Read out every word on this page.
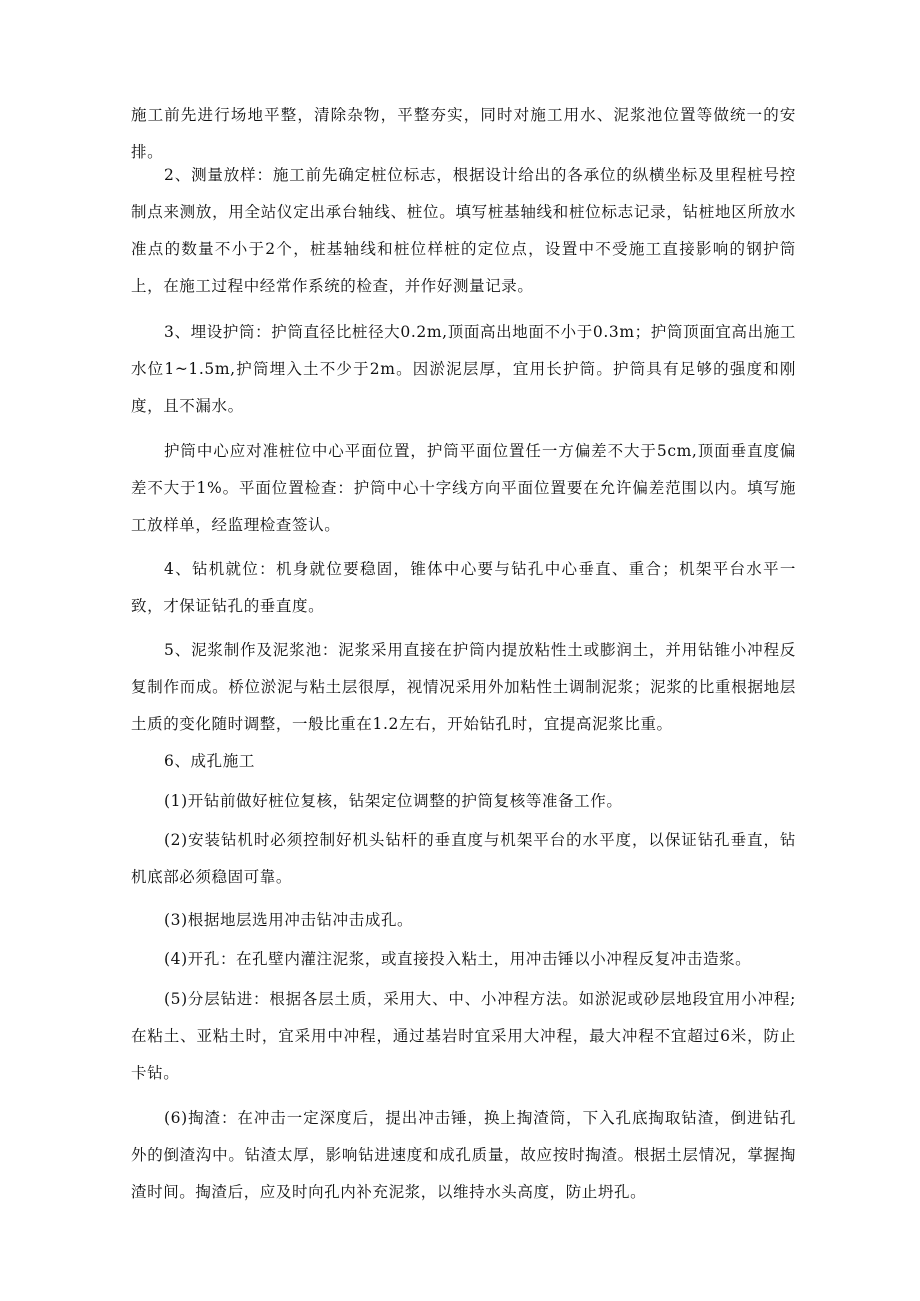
施工前先进行场地平整，清除杂物，平整夯实，同时对施工用水、泥浆池位置等做统一的安排。

2、测量放样：施工前先确定桩位标志，根据设计给出的各承位的纵横坐标及里程桩号控制点来测放，用全站仪定出承台轴线、桩位。填写桩基轴线和桩位标志记录，钻桩地区所放水准点的数量不小于2个，桩基轴线和桩位样桩的定位点，设置中不受施工直接影响的钢护筒上，在施工过程中经常作系统的检查，并作好测量记录。

3、埋设护筒：护筒直径比桩径大0.2m,顶面高出地面不小于0.3m；护筒顶面宜高出施工水位1~1.5m,护筒埋入土不少于2m。因淤泥层厚，宜用长护筒。护筒具有足够的强度和刚度，且不漏水。

护筒中心应对准桩位中心平面位置，护筒平面位置任一方偏差不大于5cm,顶面垂直度偏差不大于1%。平面位置检查：护筒中心十字线方向平面位置要在允许偏差范围以内。填写施工放样单，经监理检查签认。

4、钻机就位：机身就位要稳固，锥体中心要与钻孔中心垂直、重合；机架平台水平一致，才保证钻孔的垂直度。

5、泥浆制作及泥浆池：泥浆采用直接在护筒内提放粘性土或膨润土，并用钻锥小冲程反复制作而成。桥位淤泥与粘土层很厚，视情况采用外加粘性土调制泥浆；泥浆的比重根据地层土质的变化随时调整，一般比重在1.2左右，开始钻孔时，宜提高泥浆比重。

6、成孔施工

(1)开钻前做好桩位复核，钻架定位调整的护筒复核等准备工作。

(2)安装钻机时必须控制好机头钻杆的垂直度与机架平台的水平度，以保证钻孔垂直，钻机底部必须稳固可靠。

(3)根据地层选用冲击钻冲击成孔。

(4)开孔：在孔壁内灌注泥浆，或直接投入粘土，用冲击锤以小冲程反复冲击造浆。

(5)分层钻进：根据各层土质，采用大、中、小冲程方法。如淤泥或砂层地段宜用小冲程;在粘土、亚粘土时，宜采用中冲程，通过基岩时宜采用大冲程，最大冲程不宜超过6米，防止卡钻。

(6)掏渣：在冲击一定深度后，提出冲击锤，换上掏渣筒，下入孔底掏取钻渣，倒进钻孔外的倒渣沟中。钻渣太厚，影响钻进速度和成孔质量，故应按时掏渣。根据土层情况，掌握掏渣时间。掏渣后，应及时向孔内补充泥浆，以维持水头高度，防止坍孔。
